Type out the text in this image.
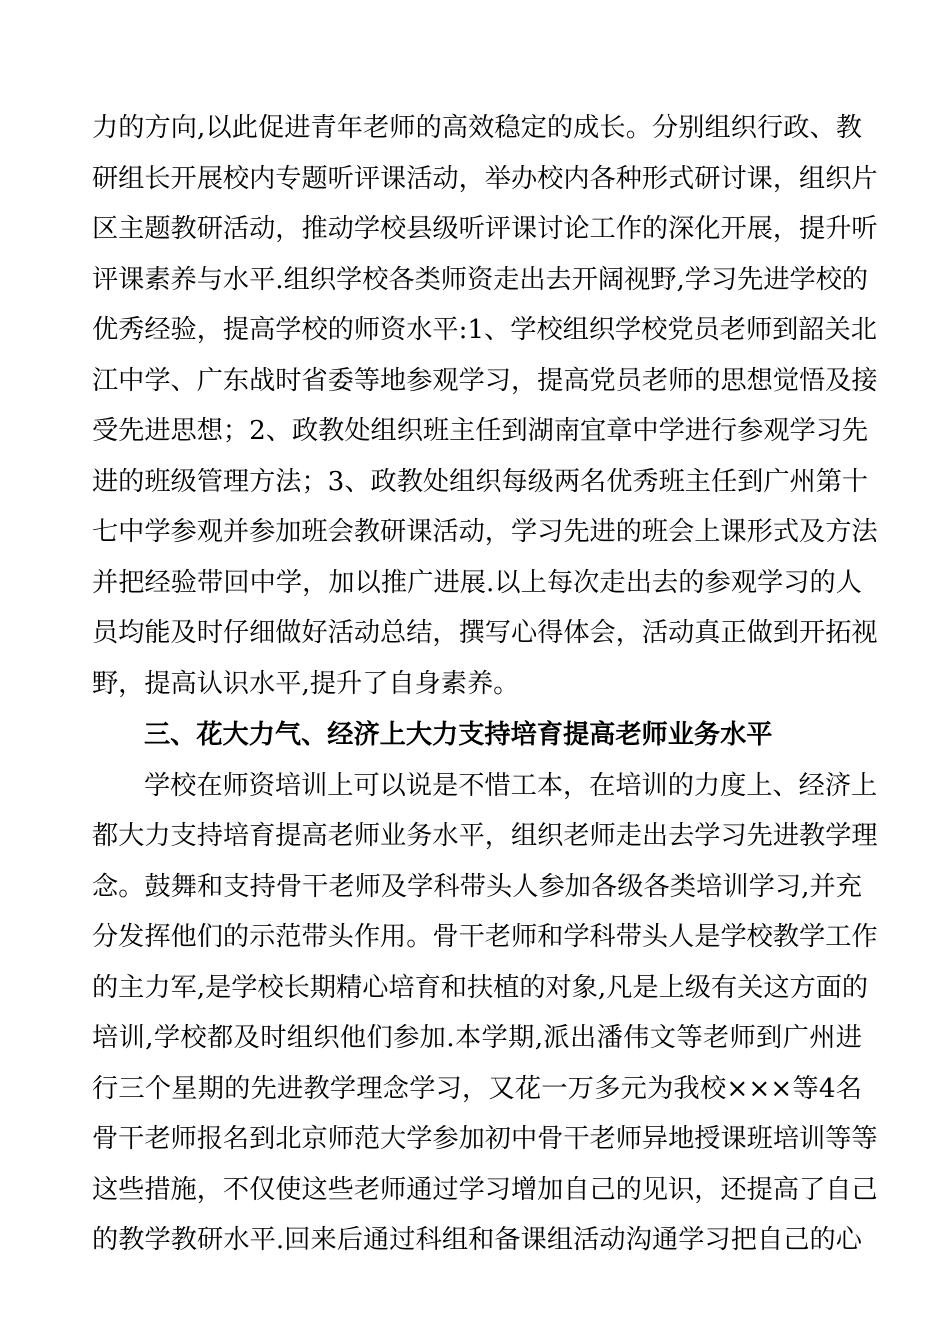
力的方向,以此促进青年老师的高效稳定的成长。分别组织行政、教
研组长开展校内专题听评课活动，举办校内各种形式研讨课，组织片
区主题教研活动，推动学校县级听评课讨论工作的深化开展，提升听
评课素养与水平.组织学校各类师资走出去开阔视野,学习先进学校的
优秀经验，提高学校的师资水平:1、学校组织学校党员老师到韶关北
江中学、广东战时省委等地参观学习，提高党员老师的思想觉悟及接
受先进思想；2、政教处组织班主任到湖南宜章中学进行参观学习先
进的班级管理方法；3、政教处组织每级两名优秀班主任到广州第十
七中学参观并参加班会教研课活动，学习先进的班会上课形式及方法
并把经验带回中学，加以推广进展.以上每次走出去的参观学习的人
员均能及时仔细做好活动总结，撰写心得体会，活动真正做到开拓视
野，提高认识水平,提升了自身素养。
三、花大力气、经济上大力支持培育提高老师业务水平
学校在师资培训上可以说是不惜工本，在培训的力度上、经济上
都大力支持培育提高老师业务水平，组织老师走出去学习先进教学理
念。鼓舞和支持骨干老师及学科带头人参加各级各类培训学习,并充
分发挥他们的示范带头作用。骨干老师和学科带头人是学校教学工作
的主力军,是学校长期精心培育和扶植的对象,凡是上级有关这方面的
培训,学校都及时组织他们参加.本学期,派出潘伟文等老师到广州进
行三个星期的先进教学理念学习，又花一万多元为我校×××等4名
骨干老师报名到北京师范大学参加初中骨干老师异地授课班培训等等
这些措施，不仅使这些老师通过学习增加自己的见识，还提高了自己
的教学教研水平.回来后通过科组和备课组活动沟通学习把自己的心
